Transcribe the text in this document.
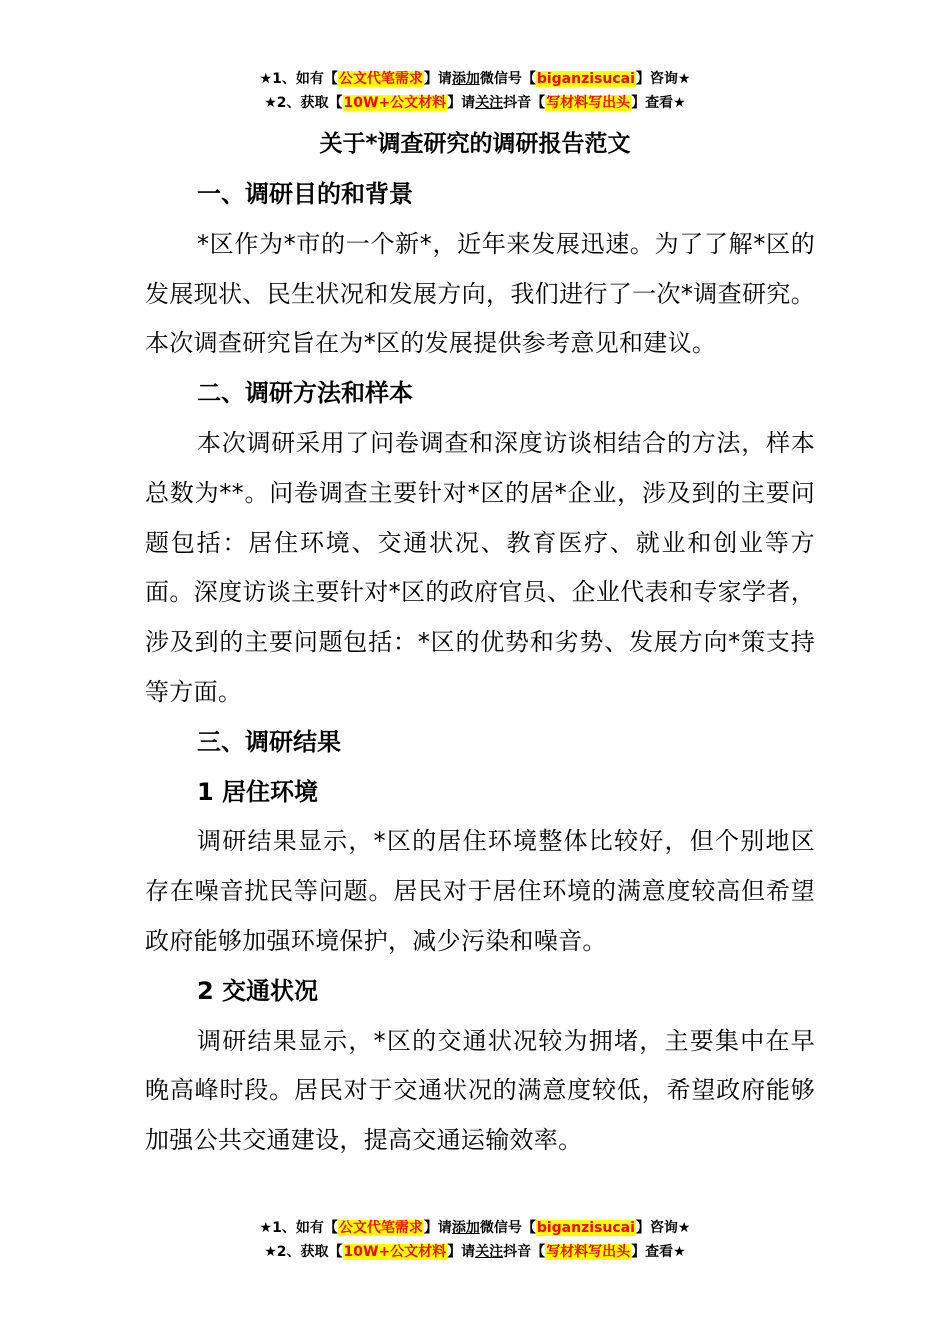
★1、如有【公文代笔需求】请添加微信号【biganzisucai】咨询★
★2、获取【10W+公文材料】请关注抖音【写材料写出头】查看★
关于*调查研究的调研报告范文
一、调研目的和背景

*区作为*市的一个新*，近年来发展迅速。为了了解*区的发展现状、民生状况和发展方向，我们进行了一次*调查研究。本次调查研究旨在为*区的发展提供参考意见和建议。

二、调研方法和样本

本次调研采用了问卷调查和深度访谈相结合的方法，样本总数为**。问卷调查主要针对*区的居*企业，涉及到的主要问题包括：居住环境、交通状况、教育医疗、就业和创业等方面。深度访谈主要针对*区的政府官员、企业代表和专家学者，涉及到的主要问题包括：*区的优势和劣势、发展方向*策支持等方面。

三、调研结果
1 居住环境

调研结果显示，*区的居住环境整体比较好，但个别地区存在噪音扰民等问题。居民对于居住环境的满意度较高但希望政府能够加强环境保护，减少污染和噪音。

2 交通状况

调研结果显示，*区的交通状况较为拥堵，主要集中在早晚高峰时段。居民对于交通状况的满意度较低，希望政府能够加强公共交通建设，提高交通运输效率。

★1、如有【公文代笔需求】请添加微信号【biganzisucai】咨询★
★2、获取【10W+公文材料】请关注抖音【写材料写出头】查看★
